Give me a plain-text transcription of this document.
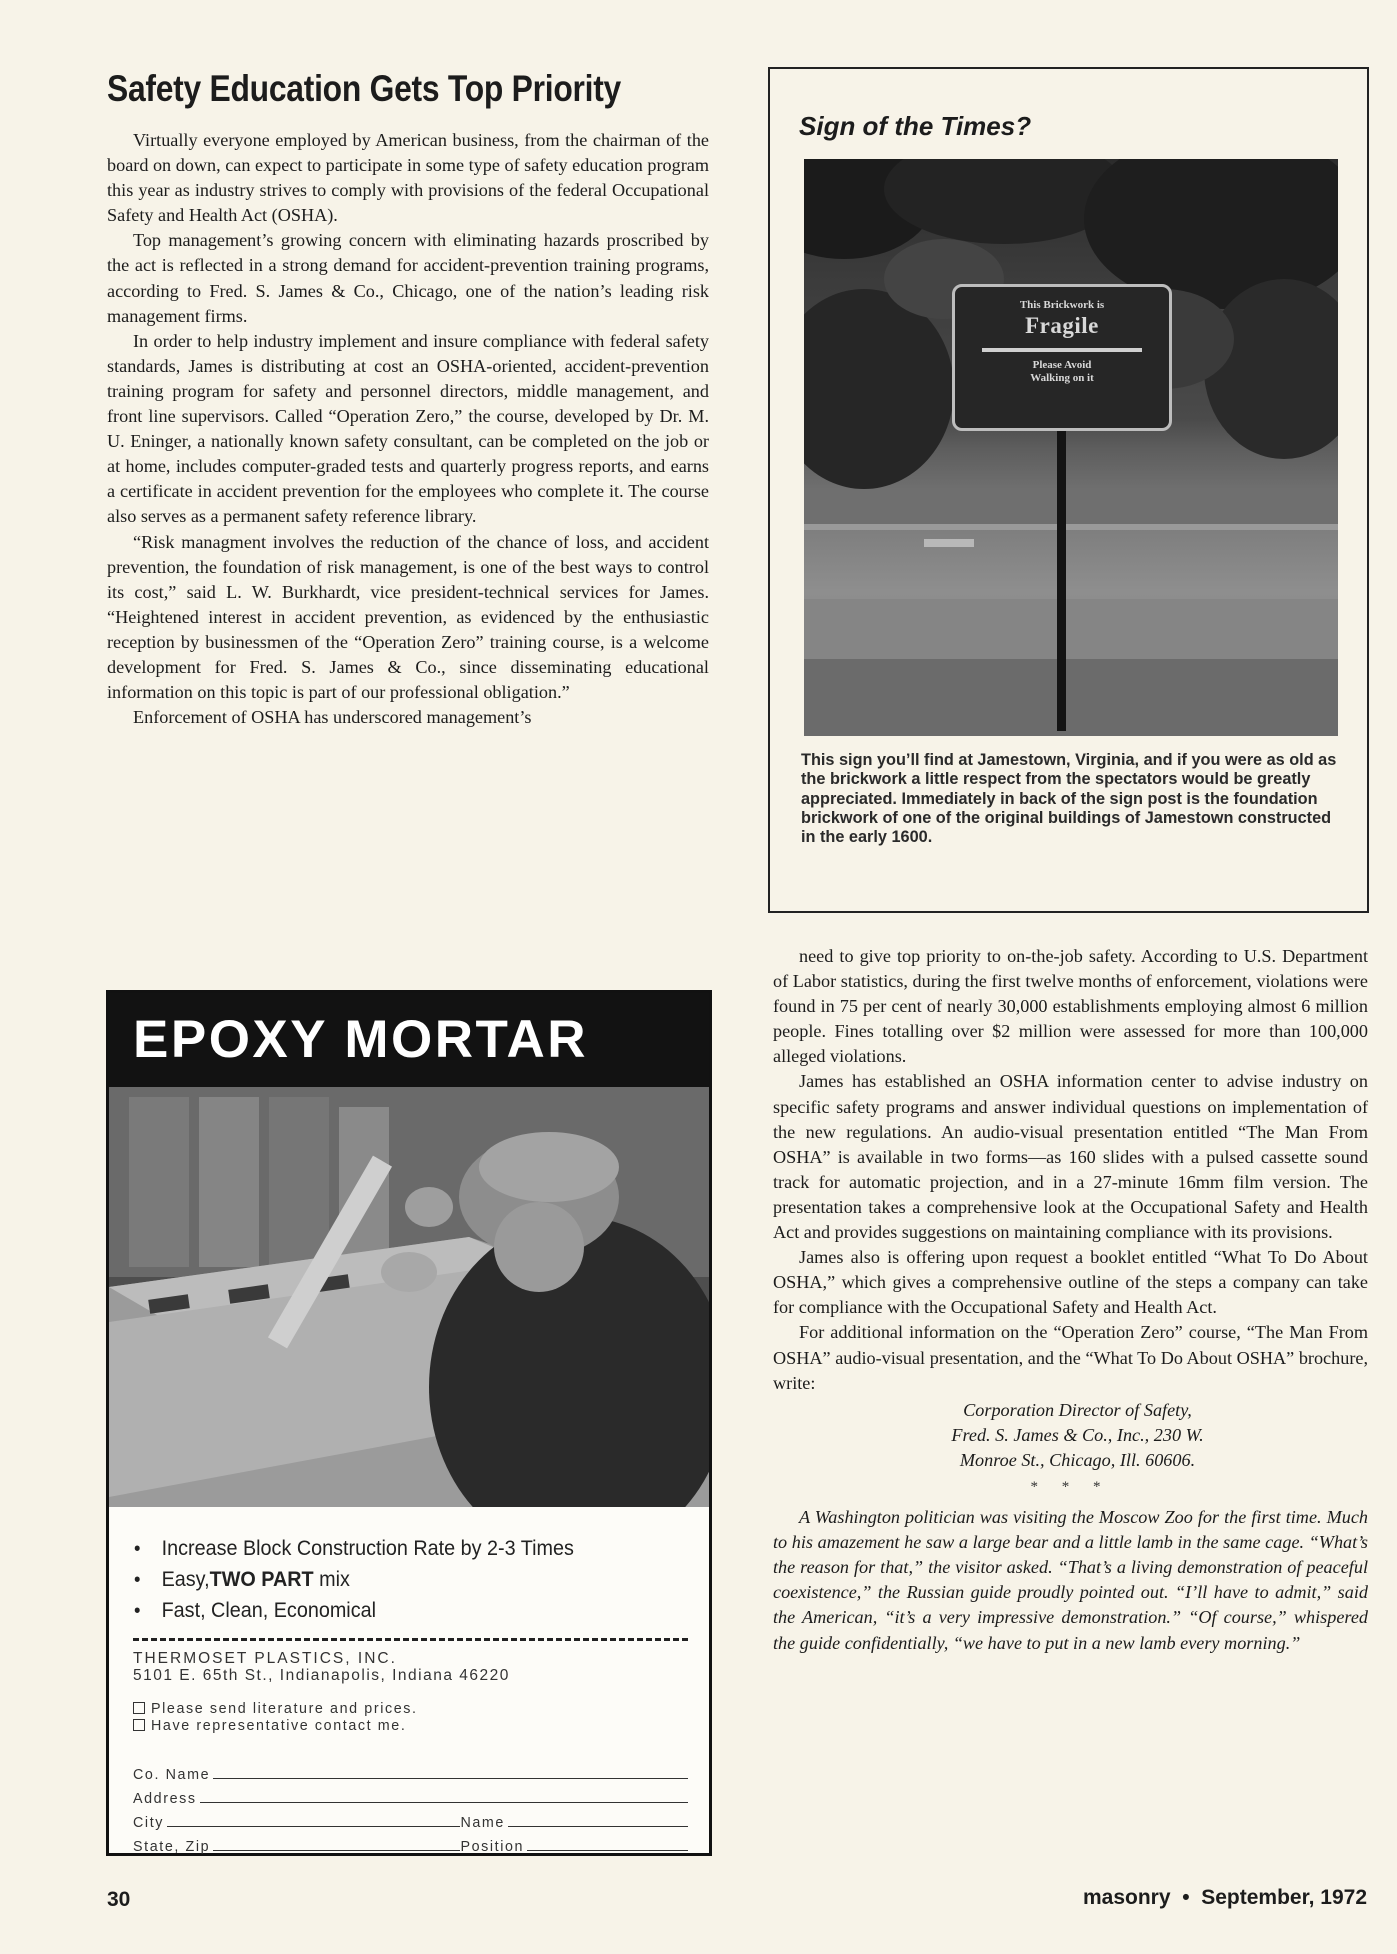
Safety Education Gets Top Priority

Virtually everyone employed by American business, from the chairman of the board on down, can expect to participate in some type of safety education program this year as industry strives to comply with provisions of the federal Occupational Safety and Health Act (OSHA).

Top management’s growing concern with eliminating hazards proscribed by the act is reflected in a strong demand for accident-prevention training programs, according to Fred. S. James & Co., Chicago, one of the nation’s leading risk management firms.

In order to help industry implement and insure compliance with federal safety standards, James is distributing at cost an OSHA-oriented, accident-prevention training program for safety and personnel directors, middle management, and front line supervisors. Called “Operation Zero,” the course, developed by Dr. M. U. Eninger, a nationally known safety consultant, can be completed on the job or at home, includes computer-graded tests and quarterly progress reports, and earns a certificate in accident prevention for the employees who complete it. The course also serves as a permanent safety reference library.

“Risk managment involves the reduction of the chance of loss, and accident prevention, the foundation of risk management, is one of the best ways to control its cost,” said L. W. Burkhardt, vice president-technical services for James. “Heightened interest in accident prevention, as evidenced by the enthusiastic reception by businessmen of the “Operation Zero” training course, is a welcome development for Fred. S. James & Co., since disseminating educational information on this topic is part of our professional obligation.”

Enforcement of OSHA has underscored management’s

Sign of the Times?
This Brickwork is
Fragile
Please Avoid
Walking on it
This sign you’ll find at Jamestown, Virginia, and if you were as old as the brickwork a little respect from the spectators would be greatly appreciated. Immediately in back of the sign post is the foundation brickwork of one of the original buildings of Jamestown constructed in the early 1600.

need to give top priority to on-the-job safety. According to U.S. Department of Labor statistics, during the first twelve months of enforcement, violations were found in 75 per cent of nearly 30,000 establishments employing almost 6 million people. Fines totalling over $2 million were assessed for more than 100,000 alleged violations.

James has established an OSHA information center to advise industry on specific safety programs and answer individual questions on implementation of the new regulations. An audio-visual presentation entitled “The Man From OSHA” is available in two forms—as 160 slides with a pulsed cassette sound track for automatic projection, and in a 27-minute 16mm film version. The presentation takes a comprehensive look at the Occupational Safety and Health Act and provides suggestions on maintaining compliance with its provisions.

James also is offering upon request a booklet entitled “What To Do About OSHA,” which gives a comprehensive outline of the steps a company can take for compliance with the Occupational Safety and Health Act.

For additional information on the “Operation Zero” course, “The Man From OSHA” audio-visual presentation, and the “What To Do About OSHA” brochure, write:

Corporation Director of Safety,
Fred. S. James & Co., Inc., 230 W.
Monroe St., Chicago, Ill. 60606.
* * *

A Washington politician was visiting the Moscow Zoo for the first time. Much to his amazement he saw a large bear and a little lamb in the same cage. “What’s the reason for that,” the visitor asked. “That’s a living demonstration of peaceful coexistence,” the Russian guide proudly pointed out. “I’ll have to admit,” said the American, “it’s a very impressive demonstration.” “Of course,” whispered the guide confidentially, “we have to put in a new lamb every morning.”

EPOXY MORTAR
• Increase Block Construction Rate by 2-3 Times
• Easy,TWO PART mix
• Fast, Clean, Economical
THERMOSET PLASTICS, INC.
5101 E. 65th St., Indianapolis, Indiana 46220
Please send literature and prices.
Have representative contact me.
Co. Name
Address
City	Name
State, Zip	Position
30	masonry • September, 1972
